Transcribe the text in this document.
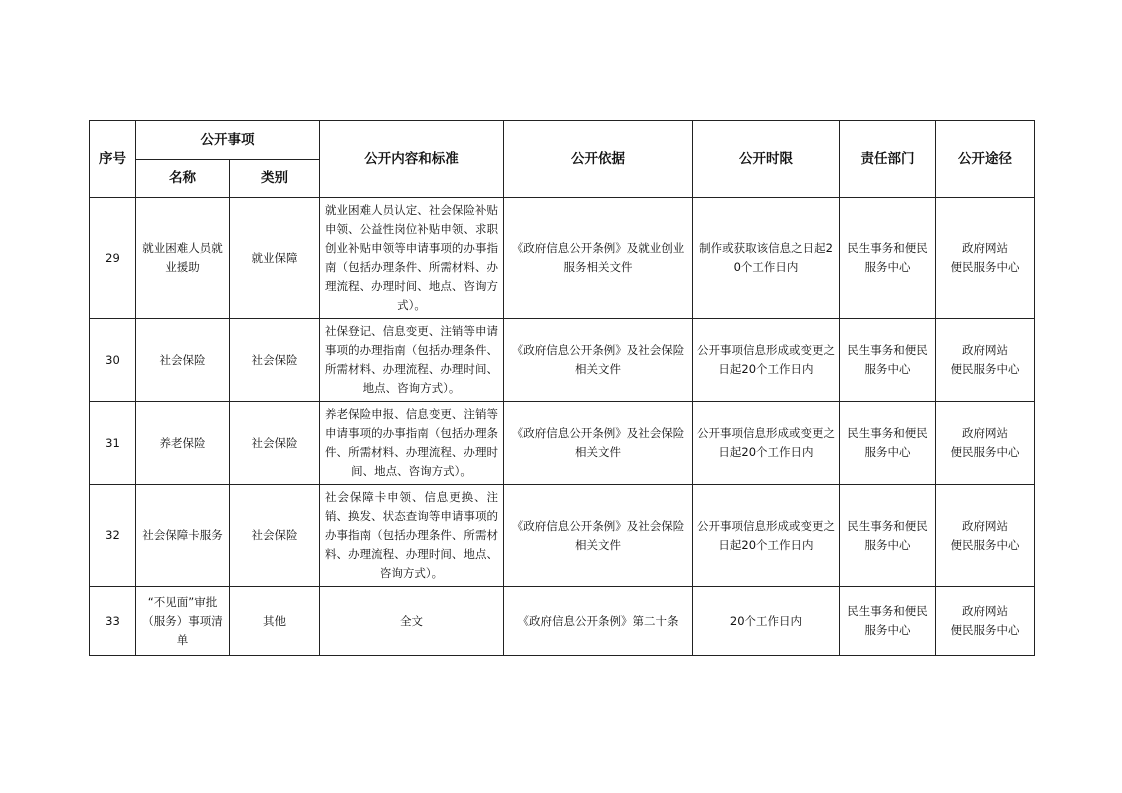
序号	公开事项		公开内容和标准	公开依据	公开时限	责任部门	公开途径
	名称	类别					
29	就业困难人员就业援助	就业保障	就业困难人员认定、社会保险补贴申领、公益性岗位补贴申领、求职创业补贴申领等申请事项的办事指南（包括办理条件、所需材料、办理流程、办理时间、地点、咨询方式）。	《政府信息公开条例》及就业创业服务相关文件	制作或获取该信息之日起20个工作日内	民生事务和便民服务中心	政府网站
便民服务中心

30	社会保险	社会保险	社保登记、信息变更、注销等申请事项的办理指南（包括办理条件、所需材料、办理流程、办理时间、地点、咨询方式）。	《政府信息公开条例》及社会保险相关文件	公开事项信息形成或变更之日起20个工作日内	民生事务和便民服务中心	政府网站
便民服务中心

31	养老保险	社会保险	养老保险申报、信息变更、注销等申请事项的办事指南（包括办理条件、所需材料、办理流程、办理时间、地点、咨询方式）。	《政府信息公开条例》及社会保险相关文件	公开事项信息形成或变更之日起20个工作日内	民生事务和便民服务中心	政府网站
便民服务中心

32	社会保障卡服务	社会保险	社会保障卡申领、信息更换、注销、换发、状态查询等申请事项的办事指南（包括办理条件、所需材料、办理流程、办理时间、地点、咨询方式）。	《政府信息公开条例》及社会保险相关文件	公开事项信息形成或变更之日起20个工作日内	民生事务和便民服务中心	政府网站
便民服务中心

33	“不见面”审批（服务）事项清单	其他	全文	《政府信息公开条例》第二十条	20个工作日内	民生事务和便民服务中心	政府网站
便民服务中心
